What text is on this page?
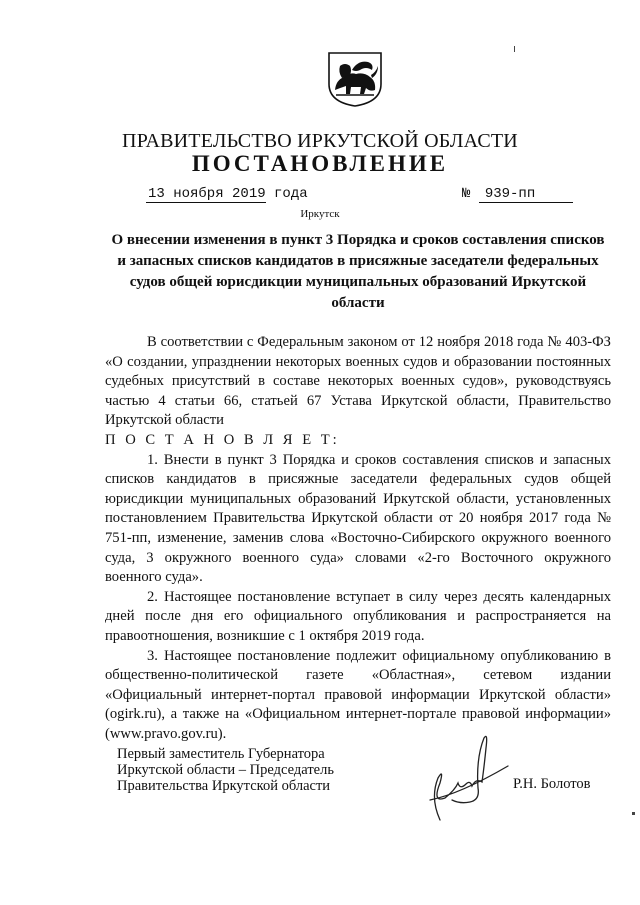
ПРАВИТЕЛЬСТВО ИРКУТСКОЙ ОБЛАСТИ
ПОСТАНОВЛЕНИЕ
13 ноября 2019 года	№ 939-пп
Иркутск
О внесении изменения в пункт 3 Порядка и сроков составления списков и запасных списков кандидатов в присяжные заседатели федеральных судов общей юрисдикции муниципальных образований Иркутской области

В соответствии с Федеральным законом от 12 ноября 2018 года № 403-ФЗ «О создании, упразднении некоторых военных судов и образовании постоянных судебных присутствий в составе некоторых военных судов», руководствуясь частью 4 статьи 66, статьей 67 Устава Иркутской области, Правительство Иркутской области

П О С Т А Н О В Л Я Е Т:

1. Внести в пункт 3 Порядка и сроков составления списков и запасных списков кандидатов в присяжные заседатели федеральных судов общей юрисдикции муниципальных образований Иркутской области, установленных постановлением Правительства Иркутской области от 20 ноября 2017 года № 751-пп, изменение, заменив слова «Восточно-Сибирского окружного военного суда, 3 окружного военного суда» словами «2-го Восточного окружного военного суда».

2. Настоящее постановление вступает в силу через десять календарных дней после дня его официального опубликования и распространяется на правоотношения, возникшие с 1 октября 2019 года.

3. Настоящее постановление подлежит официальному опубликованию в общественно-политической газете «Областная», сетевом издании «Официальный интернет-портал правовой информации Иркутской области» (ogirk.ru), а также на «Официальном интернет-портале правовой информации» (www.pravo.gov.ru).

Первый заместитель Губернатора
Иркутской области – Председатель
Правительства Иркутской области	Р.Н. Болотов
